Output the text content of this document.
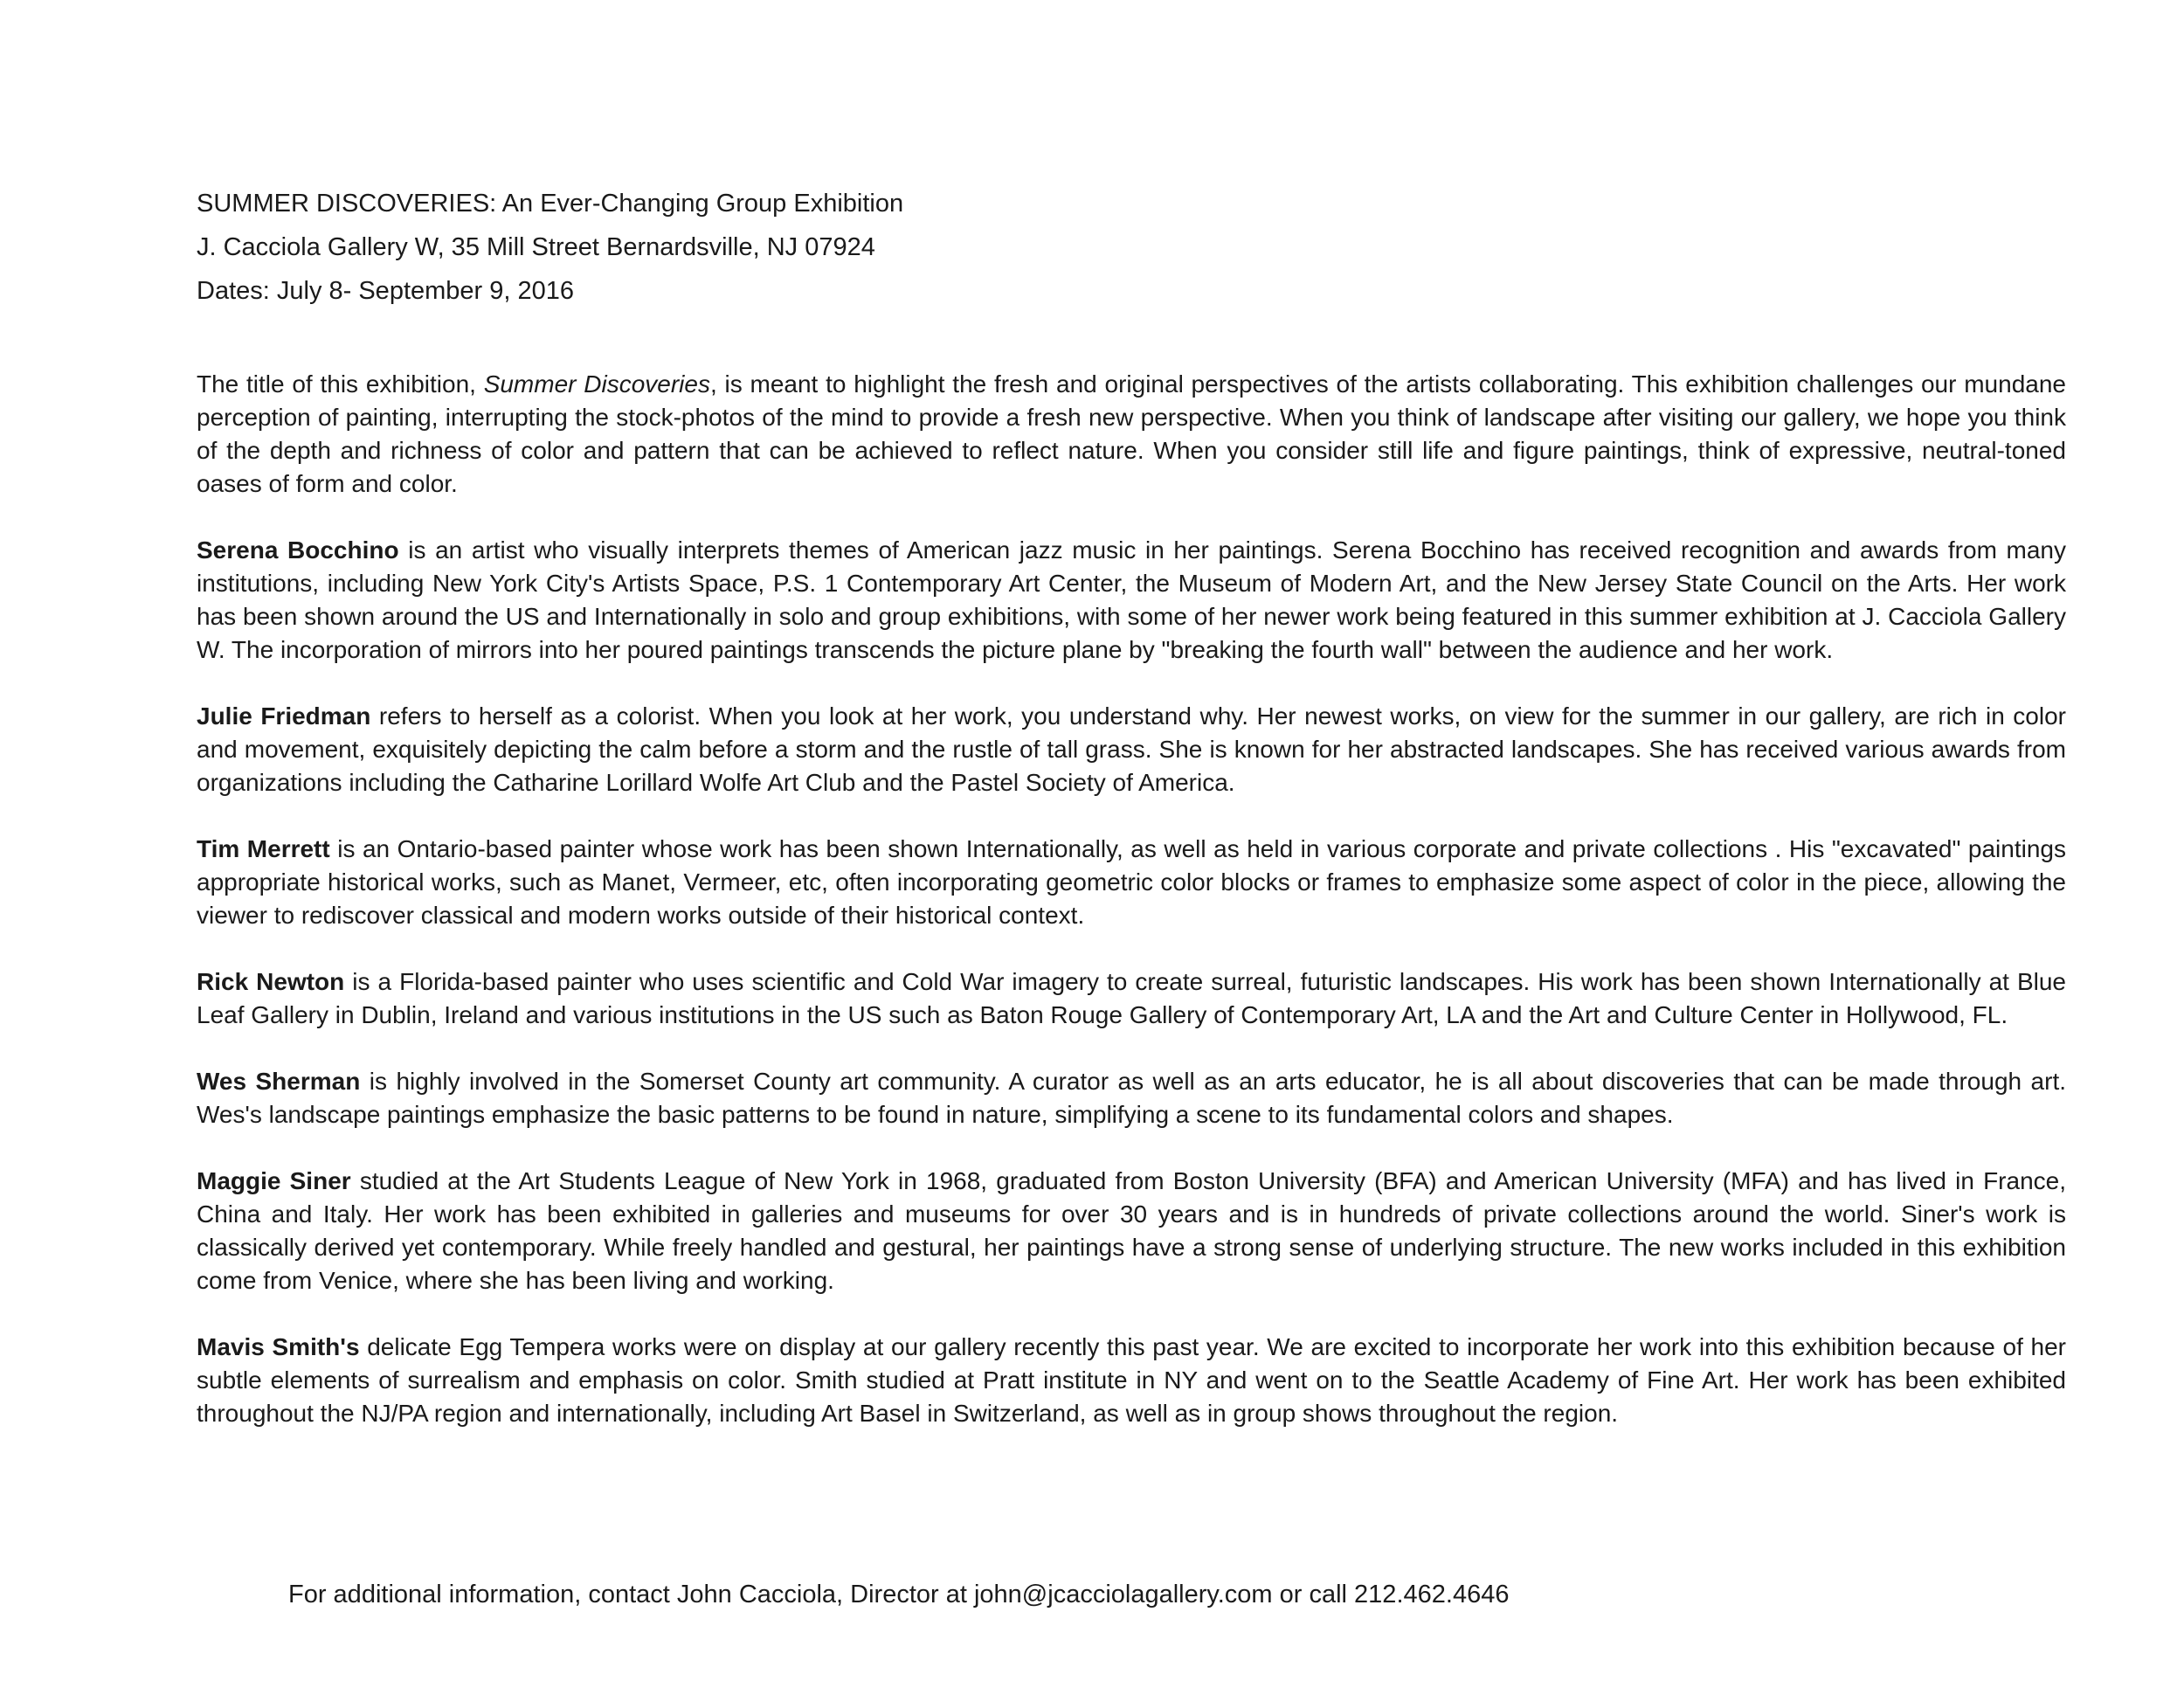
SUMMER DISCOVERIES: An Ever-Changing Group Exhibition
J. Cacciola Gallery W, 35 Mill Street Bernardsville, NJ 07924
Dates: July 8- September 9, 2016

The title of this exhibition, Summer Discoveries, is meant to highlight the fresh and original perspectives of the artists collaborating. This exhibition challenges our mundane perception of painting, interrupting the stock-photos of the mind to provide a fresh new perspective. When you think of landscape after visiting our gallery, we hope you think of the depth and richness of color and pattern that can be achieved to reflect nature. When you consider still life and figure paintings, think of expressive, neutral-toned oases of form and color.

Serena Bocchino is an artist who visually interprets themes of American jazz music in her paintings. Serena Bocchino has received recognition and awards from many institutions, including New York City's Artists Space, P.S. 1 Contemporary Art Center, the Museum of Modern Art, and the New Jersey State Council on the Arts. Her work has been shown around the US and Internationally in solo and group exhibitions, with some of her newer work being featured in this summer exhibition at J. Cacciola Gallery W. The incorporation of mirrors into her poured paintings transcends the picture plane by "breaking the fourth wall" between the audience and her work.

Julie Friedman refers to herself as a colorist. When you look at her work, you understand why. Her newest works, on view for the summer in our gallery, are rich in color and movement, exquisitely depicting the calm before a storm and the rustle of tall grass. She is known for her abstracted landscapes. She has received various awards from organizations including the Catharine Lorillard Wolfe Art Club and the Pastel Society of America.

Tim Merrett is an Ontario-based painter whose work has been shown Internationally, as well as held in various corporate and private collections . His "excavated" paintings appropriate historical works, such as Manet, Vermeer, etc, often incorporating geometric color blocks or frames to emphasize some aspect of color in the piece, allowing the viewer to rediscover classical and modern works outside of their historical context.

Rick Newton is a Florida-based painter who uses scientific and Cold War imagery to create surreal, futuristic landscapes. His work has been shown Internationally at Blue Leaf Gallery in Dublin, Ireland and various institutions in the US such as Baton Rouge Gallery of Contemporary Art, LA and the Art and Culture Center in Hollywood, FL.

Wes Sherman is highly involved in the Somerset County art community. A curator as well as an arts educator, he is all about discoveries that can be made through art. Wes's landscape paintings emphasize the basic patterns to be found in nature, simplifying a scene to its fundamental colors and shapes.

Maggie Siner studied at the Art Students League of New York in 1968, graduated from Boston University (BFA) and American University (MFA) and has lived in France, China and Italy. Her work has been exhibited in galleries and museums for over 30 years and is in hundreds of private collections around the world. Siner's work is classically derived yet contemporary. While freely handled and gestural, her paintings have a strong sense of underlying structure. The new works included in this exhibition come from Venice, where she has been living and working.

Mavis Smith's delicate Egg Tempera works were on display at our gallery recently this past year. We are excited to incorporate her work into this exhibition because of her subtle elements of surrealism and emphasis on color. Smith studied at Pratt institute in NY and went on to the Seattle Academy of Fine Art. Her work has been exhibited throughout the NJ/PA region and internationally, including Art Basel in Switzerland, as well as in group shows throughout the region.

For additional information, contact John Cacciola, Director at john@jcacciolagallery.com or call 212.462.4646
